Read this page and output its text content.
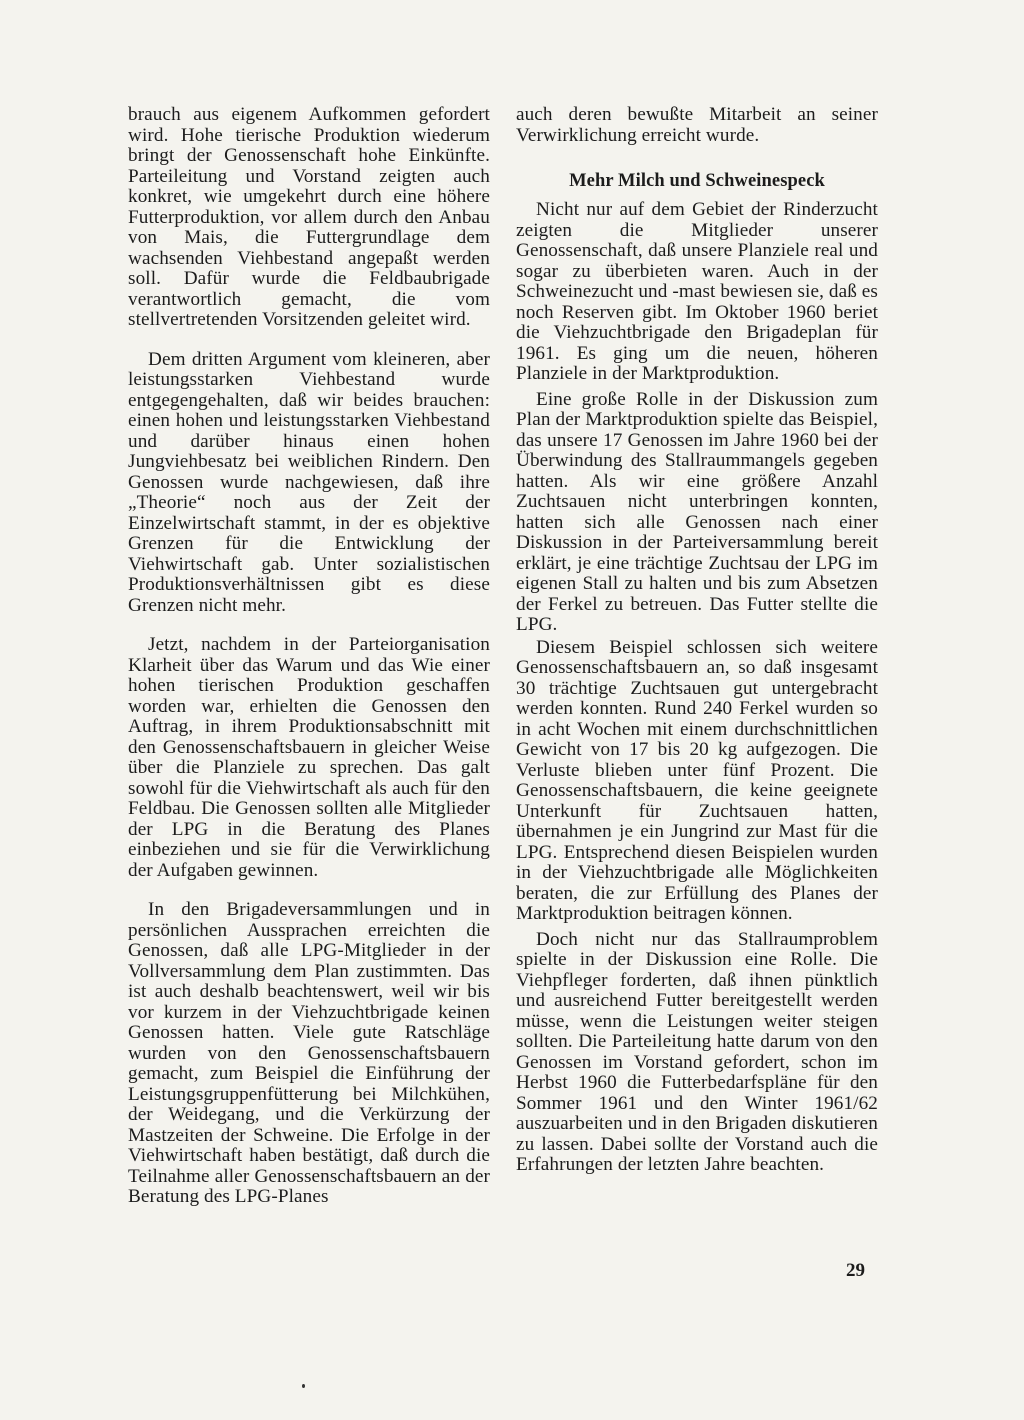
brauch aus eigenem Aufkommen gefordert wird. Hohe tierische Produktion wiederum bringt der Genossenschaft hohe Einkünfte. Parteileitung und Vorstand zeigten auch konkret, wie umgekehrt durch eine höhere Futterproduktion, vor allem durch den Anbau von Mais, die Futtergrundlage dem wachsenden Viehbestand angepaßt werden soll. Dafür wurde die Feldbaubrigade verantwortlich gemacht, die vom stellvertretenden Vorsitzenden geleitet wird.

Dem dritten Argument vom kleineren, aber leistungsstarken Viehbestand wurde entgegengehalten, daß wir beides brauchen: einen hohen und leistungsstarken Viehbestand und darüber hinaus einen hohen Jungviehbesatz bei weiblichen Rindern. Den Genossen wurde nachgewiesen, daß ihre „Theorie“ noch aus der Zeit der Einzelwirtschaft stammt, in der es objektive Grenzen für die Entwicklung der Viehwirtschaft gab. Unter sozialistischen Produktionsverhältnissen gibt es diese Grenzen nicht mehr.

Jetzt, nachdem in der Parteiorganisation Klarheit über das Warum und das Wie einer hohen tierischen Produktion geschaffen worden war, erhielten die Genossen den Auftrag, in ihrem Produktionsabschnitt mit den Genossenschaftsbauern in gleicher Weise über die Planziele zu sprechen. Das galt sowohl für die Viehwirtschaft als auch für den Feldbau. Die Genossen sollten alle Mitglieder der LPG in die Beratung des Planes einbeziehen und sie für die Verwirklichung der Aufgaben gewinnen.

In den Brigadeversammlungen und in persönlichen Aussprachen erreichten die Genossen, daß alle LPG-Mitglieder in der Vollversammlung dem Plan zustimmten. Das ist auch deshalb beachtenswert, weil wir bis vor kurzem in der Viehzuchtbrigade keinen Genossen hatten. Viele gute Ratschläge wurden von den Genossenschaftsbauern gemacht, zum Beispiel die Einführung der Leistungsgruppenfütterung bei Milchkühen, der Weidegang, und die Verkürzung der Mastzeiten der Schweine. Die Erfolge in der Viehwirtschaft haben bestätigt, daß durch die Teilnahme aller Genossenschaftsbauern an der Beratung des LPG-Planes

auch deren bewußte Mitarbeit an seiner Verwirklichung erreicht wurde.

Mehr Milch und Schweinespeck

Nicht nur auf dem Gebiet der Rinderzucht zeigten die Mitglieder unserer Genossenschaft, daß unsere Planziele real und sogar zu überbieten waren. Auch in der Schweinezucht und -mast bewiesen sie, daß es noch Reserven gibt. Im Oktober 1960 beriet die Viehzuchtbrigade den Brigadeplan für 1961. Es ging um die neuen, höheren Planziele in der Marktproduktion.

Eine große Rolle in der Diskussion zum Plan der Marktproduktion spielte das Beispiel, das unsere 17 Genossen im Jahre 1960 bei der Überwindung des Stallraummangels gegeben hatten. Als wir eine größere Anzahl Zuchtsauen nicht unterbringen konnten, hatten sich alle Genossen nach einer Diskussion in der Parteiversammlung bereit erklärt, je eine trächtige Zuchtsau der LPG im eigenen Stall zu halten und bis zum Absetzen der Ferkel zu betreuen. Das Futter stellte die LPG.

Diesem Beispiel schlossen sich weitere Genossenschaftsbauern an, so daß insgesamt 30 trächtige Zuchtsauen gut untergebracht werden konnten. Rund 240 Ferkel wurden so in acht Wochen mit einem durchschnittlichen Gewicht von 17 bis 20 kg aufgezogen. Die Verluste blieben unter fünf Prozent. Die Genossenschaftsbauern, die keine geeignete Unterkunft für Zuchtsauen hatten, übernahmen je ein Jungrind zur Mast für die LPG. Entsprechend diesen Beispielen wurden in der Viehzuchtbrigade alle Möglichkeiten beraten, die zur Erfüllung des Planes der Marktproduktion beitragen können.

Doch nicht nur das Stallraumproblem spielte in der Diskussion eine Rolle. Die Viehpfleger forderten, daß ihnen pünktlich und ausreichend Futter bereitgestellt werden müsse, wenn die Leistungen weiter steigen sollten. Die Parteileitung hatte darum von den Genossen im Vorstand gefordert, schon im Herbst 1960 die Futterbedarfspläne für den Sommer 1961 und den Winter 1961/62 auszuarbeiten und in den Brigaden diskutieren zu lassen. Dabei sollte der Vorstand auch die Erfahrungen der letzten Jahre beachten.

29
